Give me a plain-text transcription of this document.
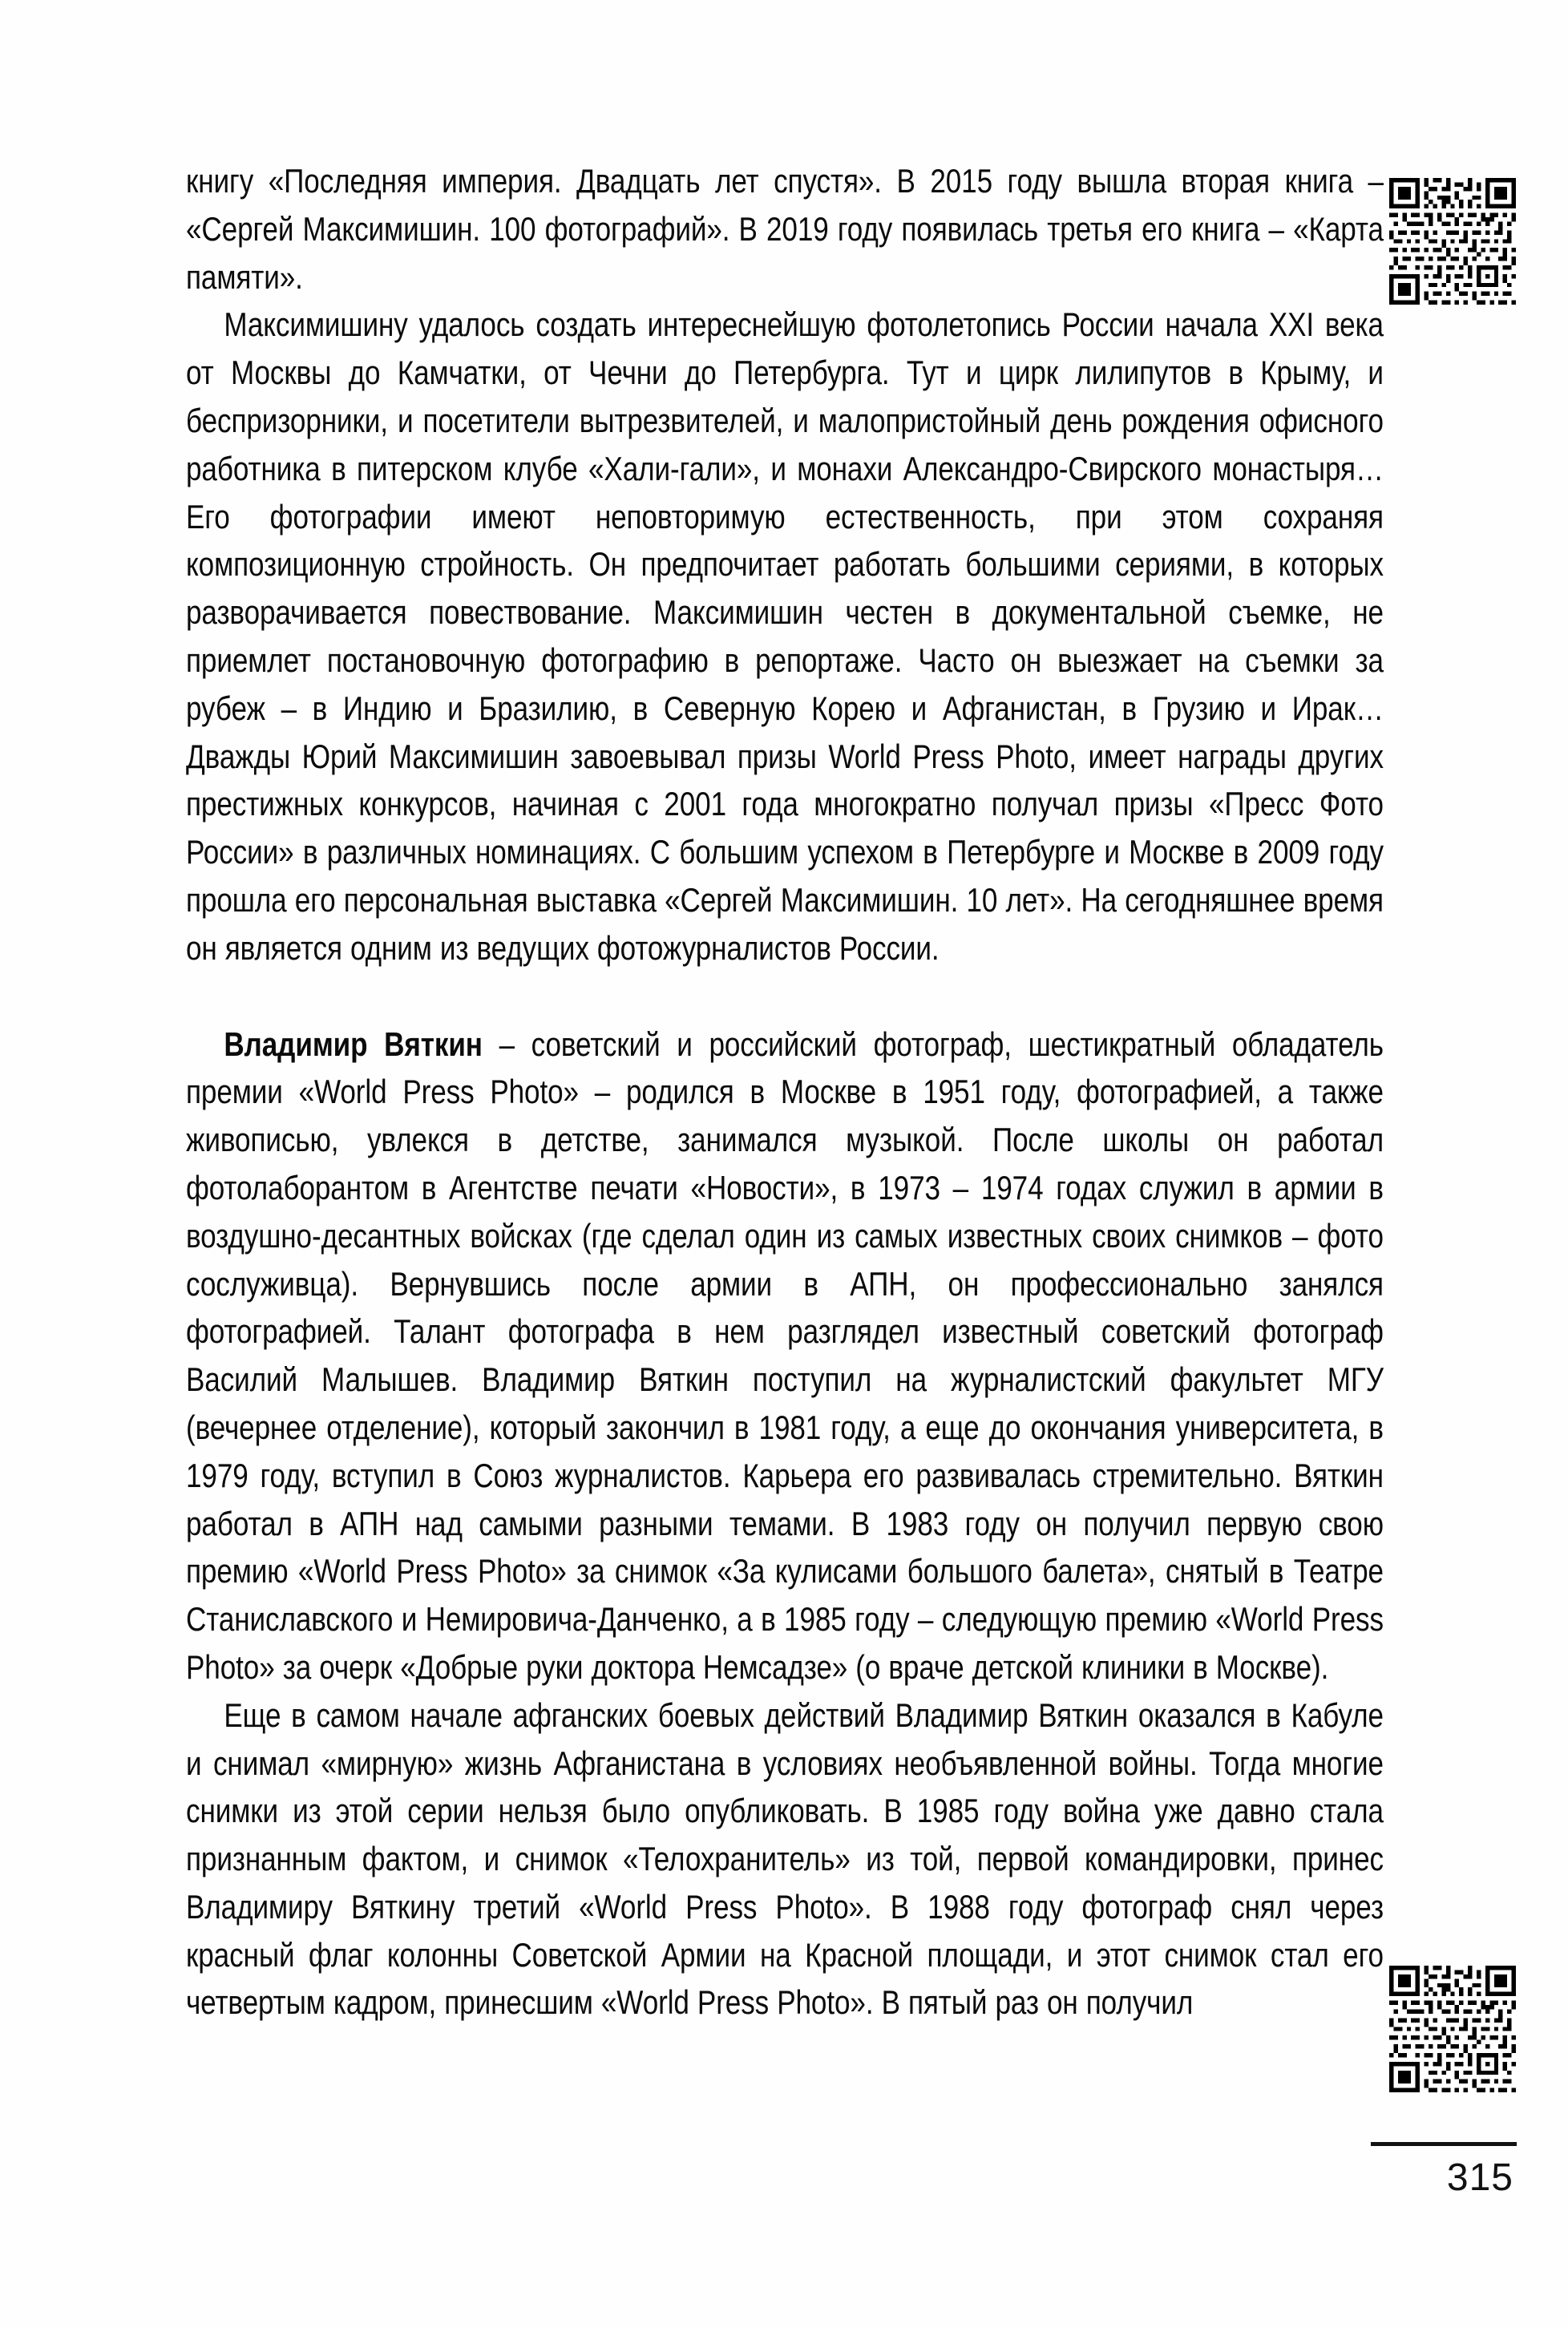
книгу «Последняя империя. Двадцать лет спустя». В 2015 году вышла вторая книга – «Сергей Максимишин. 100 фотографий». В 2019 году появилась третья его книга – «Карта памяти».

Максимишину удалось создать интереснейшую фотолетопись России начала XXI века от Москвы до Камчатки, от Чечни до Петербурга. Тут и цирк лилипутов в Крыму, и беспризорники, и посетители вытрезвителей, и малопристойный день рождения офисного работника в питерском клубе «Хали-гали», и монахи Александро-Свирского монастыря… Его фотографии имеют неповторимую естественность, при этом сохраняя композиционную стройность. Он предпочитает работать большими сериями, в которых разворачивается повествование. Максимишин честен в документальной съемке, не приемлет постановочную фотографию в репортаже. Часто он выезжает на съемки за рубеж – в Индию и Бразилию, в Северную Корею и Афганистан, в Грузию и Ирак… Дважды Юрий Максимишин завоевывал призы World Press Photo, имеет награды других престижных конкурсов, начиная с 2001 года многократно получал призы «Пресс Фото России» в различных номинациях. С большим успехом в Петербурге и Москве в 2009 году прошла его персональная выставка «Сергей Максимишин. 10 лет». На сегодняшнее время он является одним из ведущих фотожурналистов России.

Владимир Вяткин – советский и российский фотограф, шестикратный обладатель премии «World Press Photo» – родился в Москве в 1951 году, фотографией, а также живописью, увлекся в детстве, занимался музыкой. После школы он работал фотолаборантом в Агентстве печати «Новости», в 1973 – 1974 годах служил в армии в воздушно-десантных войсках (где сделал один из самых известных своих снимков – фото сослуживца). Вернувшись после армии в АПН, он профессионально занялся фотографией. Талант фотографа в нем разглядел известный советский фотограф Василий Малышев. Владимир Вяткин поступил на журналистский факультет МГУ (вечернее отделение), который закончил в 1981 году, а еще до окончания университета, в 1979 году, вступил в Союз журналистов. Карьера его развивалась стремительно. Вяткин работал в АПН над самыми разными темами. В 1983 году он получил первую свою премию «World Press Photo» за снимок «За кулисами большого балета», снятый в Театре Станиславского и Немировича-Данченко, а в 1985 году – следующую премию «World Press Photo» за очерк «Добрые руки доктора Немсадзе» (о враче детской клиники в Москве).

Еще в самом начале афганских боевых действий Владимир Вяткин оказался в Кабуле и снимал «мирную» жизнь Афганистана в условиях необъявленной войны. Тогда многие снимки из этой серии нельзя было опубликовать. В 1985 году война уже давно стала признанным фактом, и снимок «Телохранитель» из той, первой командировки, принес Владимиру Вяткину третий «World Press Photo». В 1988 году фотограф снял через красный флаг колонны Советской Армии на Красной площади, и этот снимок стал его четвертым кадром, принесшим «World Press Photo». В пятый раз он получил

315
